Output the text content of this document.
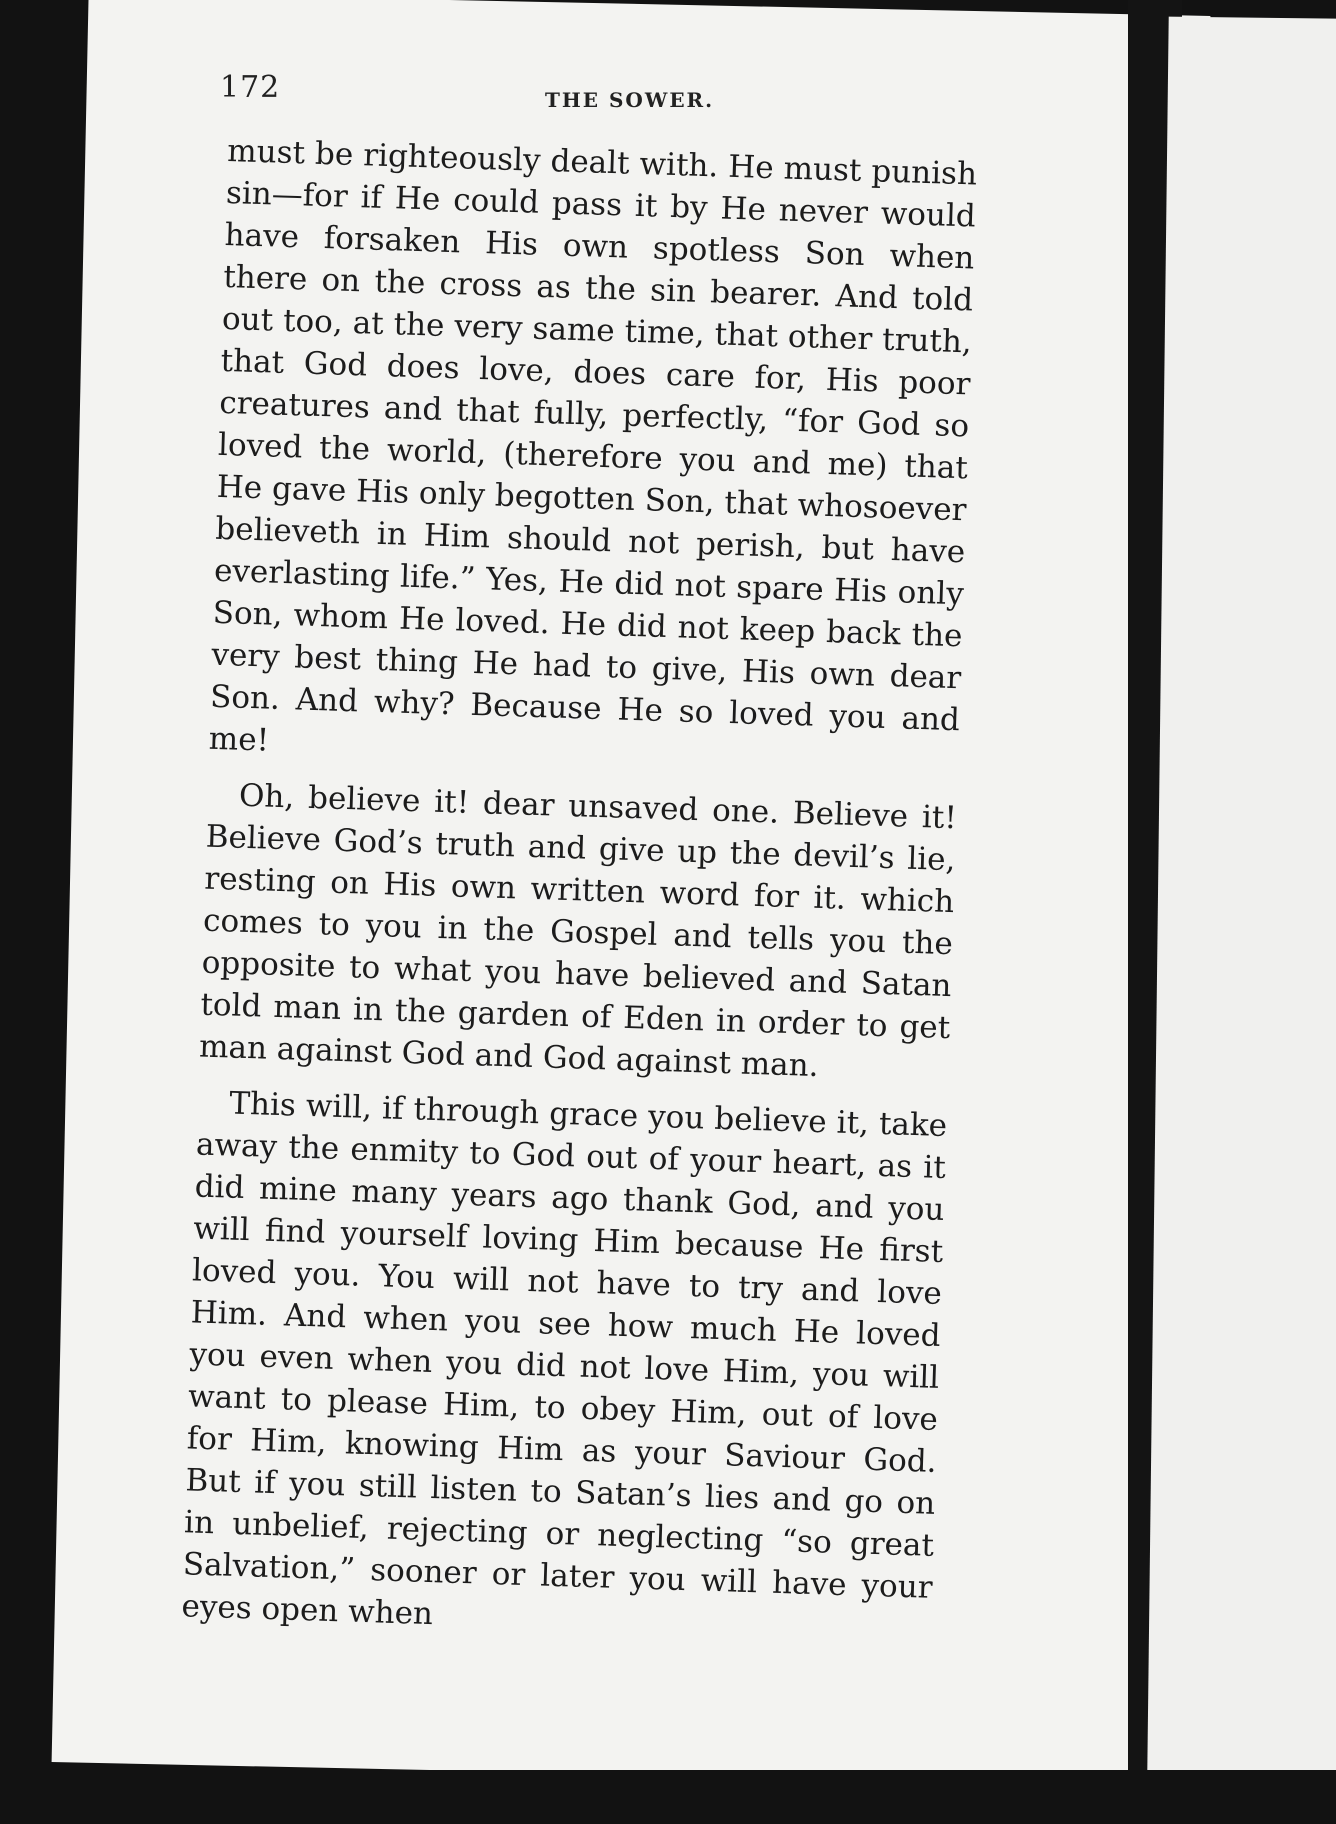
172	THE SOWER.

must be righteously dealt with. He must punish sin—for if He could pass it by He never would have forsaken His own spotless Son when there on the cross as the sin bearer. And told out too, at the very same time, that other truth, that God does love, does care for, His poor creatures and that fully, perfectly, “for God so loved the world, (therefore you and me) that He gave His only begotten Son, that whosoever believeth in Him should not perish, but have everlasting life.” Yes, He did not spare His only Son, whom He loved. He did not keep back the very best thing He had to give, His own dear Son. And why? Because He so loved you and me!

Oh, believe it! dear unsaved one. Believe it! Believe God’s truth and give up the devil’s lie, resting on His own written word for it. which comes to you in the Gospel and tells you the opposite to what you have believed and Satan told man in the garden of Eden in order to get man against God and God against man.

This will, if through grace you believe it, take away the enmity to God out of your heart, as it did mine many years ago thank God, and you will find yourself loving Him because He first loved you. You will not have to try and love Him. And when you see how much He loved you even when you did not love Him, you will want to please Him, to obey Him, out of love for Him, knowing Him as your Saviour God. But if you still listen to Satan’s lies and go on in unbelief, rejecting or neglecting “so great Salvation,” sooner or later you will have your eyes open when
